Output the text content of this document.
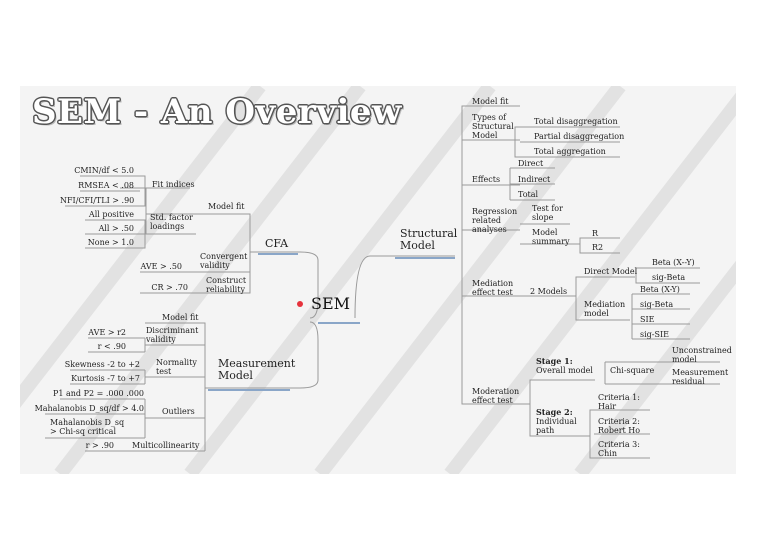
SEM - An Overview
SEM
CFA
Model fit
Fit indices
CMIN/df < 5.0
RMSEA < .08
NFI/CFI/TLI > .90
Std. factor
loadings
All positive
All > .50
None > 1.0
Convergent
validity
AVE > .50
Construct
reliability
CR > .70
Measurement
Model
Model fit
Discriminant
validity
AVE > r2
r < .90
Normality
test
Skewness -2 to +2
Kurtosis -7 to +7
Outliers
P1 and P2 = .000 .000
Mahalanobis D_sq/df > 4.0
Mahalanobis D_sq
> Chi-sq critical
Multicollinearity
r > .90
Structural
Model
Model fit
Types of
Structural
Model
Total disaggregation
Partial disaggregation
Total aggregation
Effects
Direct
Indirect
Total
Regression
related
analyses
Test for
slope
Model
summary
R
R2
Mediation
effect test 2 Models
Direct Model
Beta (X--Y)
sig-Beta
Mediation
model
Beta (X-Y)
sig-Beta
SIE
sig-SIE
Moderation
effect test
Stage 1:
Overall model Chi-square
Unconstrained
model
Measurement
residual
Stage 2:
Individual
path
Criteria 1:
Hair
Criteria 2:
Robert Ho
Criteria 3:
Chin
